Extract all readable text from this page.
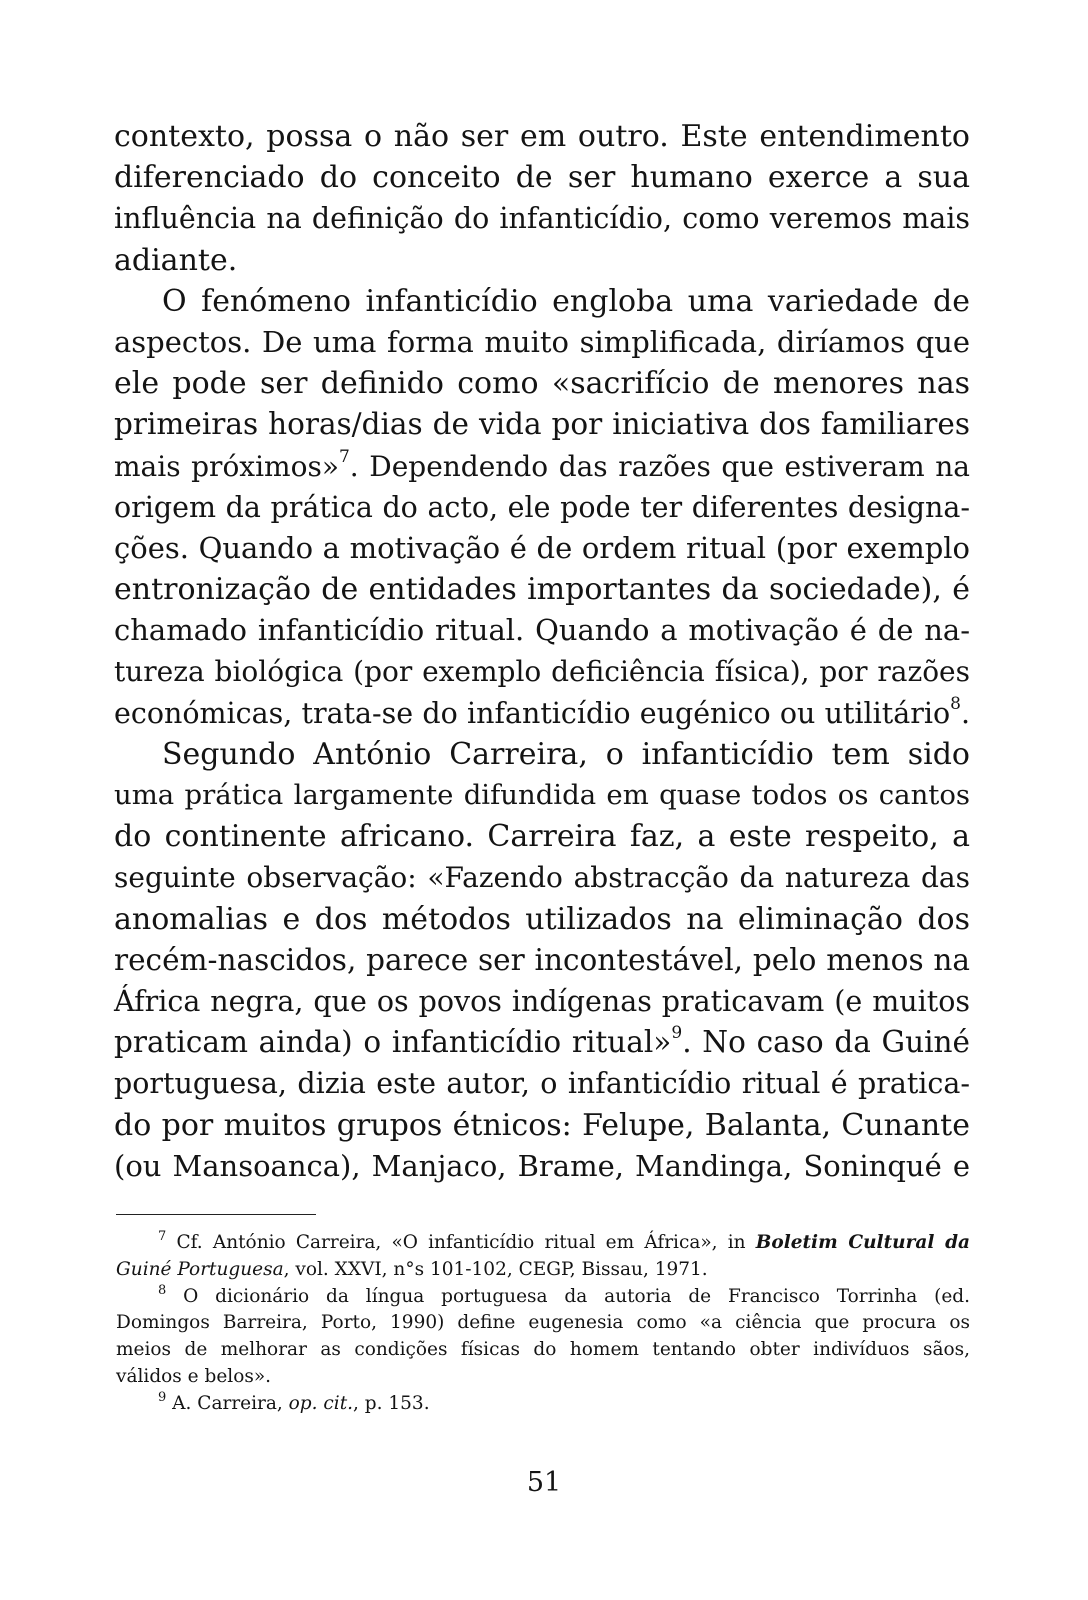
contexto, possa o não ser em outro. Este entendimento
diferenciado do conceito de ser humano exerce a sua
influência na definição do infanticídio, como veremos mais
adiante.
O fenómeno infanticídio engloba uma variedade de
aspectos. De uma forma muito simplificada, diríamos que
ele pode ser definido como «sacrifício de menores nas
primeiras horas/dias de vida por iniciativa dos familiares
mais próximos»$^7$. Dependendo das razões que estiveram na
origem da prática do acto, ele pode ter diferentes designa-
ções. Quando a motivação é de ordem ritual (por exemplo
entronização de entidades importantes da sociedade), é
chamado infanticídio ritual. Quando a motivação é de na-
tureza biológica (por exemplo deficiência física), por razões
económicas, trata-se do infanticídio eugénico ou utilitário$^8$.
Segundo António Carreira, o infanticídio tem sido
uma prática largamente difundida em quase todos os cantos
do continente africano. Carreira faz, a este respeito, a
seguinte observação: «Fazendo abstracção da natureza das
anomalias e dos métodos utilizados na eliminação dos
recém-nascidos, parece ser incontestável, pelo menos na
África negra, que os povos indígenas praticavam (e muitos
praticam ainda) o infanticídio ritual»$^9$. No caso da Guiné
portuguesa, dizia este autor, o infanticídio ritual é pratica-
do por muitos grupos étnicos: Felupe, Balanta, Cunante
(ou Mansoanca), Manjaco, Brame, Mandinga, Soninqué e
$^7$ Cf. António Carreira, «O infanticídio ritual em África», in Boletim Cultural da
Guiné Portuguesa, vol. XXVI, n°s 101-102, CEGP, Bissau, 1971.
$^8$ O dicionário da língua portuguesa da autoria de Francisco Torrinha (ed.
Domingos Barreira, Porto, 1990) define eugenesia como «a ciência que procura os
meios de melhorar as condições físicas do homem tentando obter indivíduos sãos,
válidos e belos».
$^9$ A. Carreira, op. cit., p. 153.
51
